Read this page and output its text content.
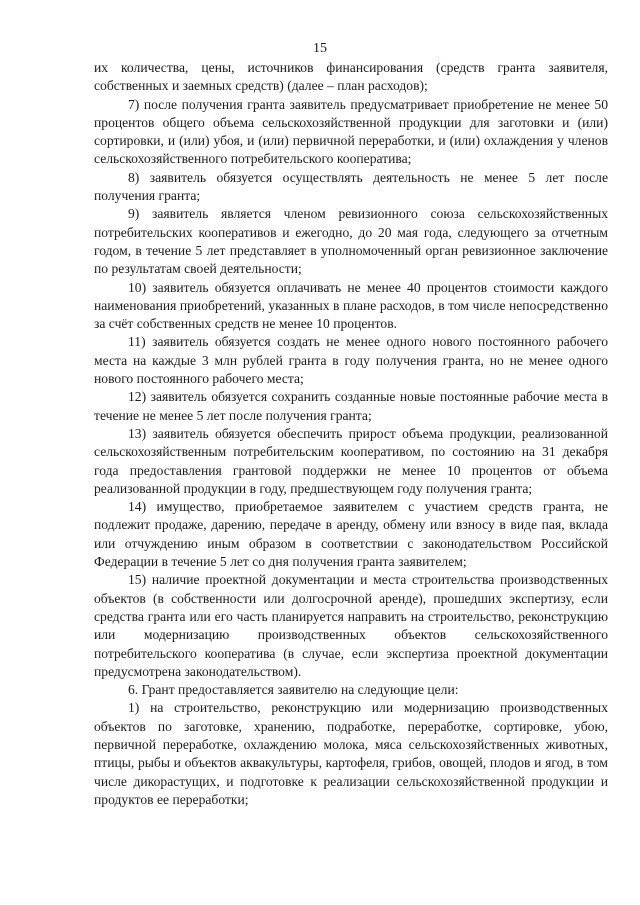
15

их количества, цены, источников финансирования (средств гранта заявителя, собственных и заемных средств) (далее – план расходов);

7) после получения гранта заявитель предусматривает приобретение не менее 50 процентов общего объема сельскохозяйственной продукции для заготовки и (или) сортировки, и (или) убоя, и (или) первичной переработки, и (или) охлаждения у членов сельскохозяйственного потребительского кооператива;

8) заявитель обязуется осуществлять деятельность не менее 5 лет после получения гранта;

9) заявитель является членом ревизионного союза сельскохозяйственных потребительских кооперативов и ежегодно, до 20 мая года, следующего за отчетным годом, в течение 5 лет представляет в уполномоченный орган ревизионное заключение по результатам своей деятельности;

10) заявитель обязуется оплачивать не менее 40 процентов стоимости каждого наименования приобретений, указанных в плане расходов, в том числе непосредственно за счёт собственных средств не менее 10 процентов.

11) заявитель обязуется создать не менее одного нового постоянного рабочего места на каждые 3 млн рублей гранта в году получения гранта, но не менее одного нового постоянного рабочего места;

12) заявитель обязуется сохранить созданные новые постоянные рабочие места в течение не менее 5 лет после получения гранта;

13) заявитель обязуется обеспечить прирост объема продукции, реализованной сельскохозяйственным потребительским кооперативом, по состоянию на 31 декабря года предоставления грантовой поддержки не менее 10 процентов от объема реализованной продукции в году, предшествующем году получения гранта;

14) имущество, приобретаемое заявителем с участием средств гранта, не подлежит продаже, дарению, передаче в аренду, обмену или взносу в виде пая, вклада или отчуждению иным образом в соответствии с законодательством Российской Федерации в течение 5 лет со дня получения гранта заявителем;

15) наличие проектной документации и места строительства производственных объектов (в собственности или долгосрочной аренде), прошедших экспертизу, если средства гранта или его часть планируется направить на строительство, реконструкцию или модернизацию производственных объектов сельскохозяйственного потребительского кооператива (в случае, если экспертиза проектной документации предусмотрена законодательством).

6. Грант предоставляется заявителю на следующие цели:

1) на строительство, реконструкцию или модернизацию производственных объектов по заготовке, хранению, подработке, переработке, сортировке, убою, первичной переработке, охлаждению молока, мяса сельскохозяйственных животных, птицы, рыбы и объектов аквакультуры, картофеля, грибов, овощей, плодов и ягод, в том числе дикорастущих, и подготовке к реализации сельскохозяйственной продукции и продуктов ее переработки;
